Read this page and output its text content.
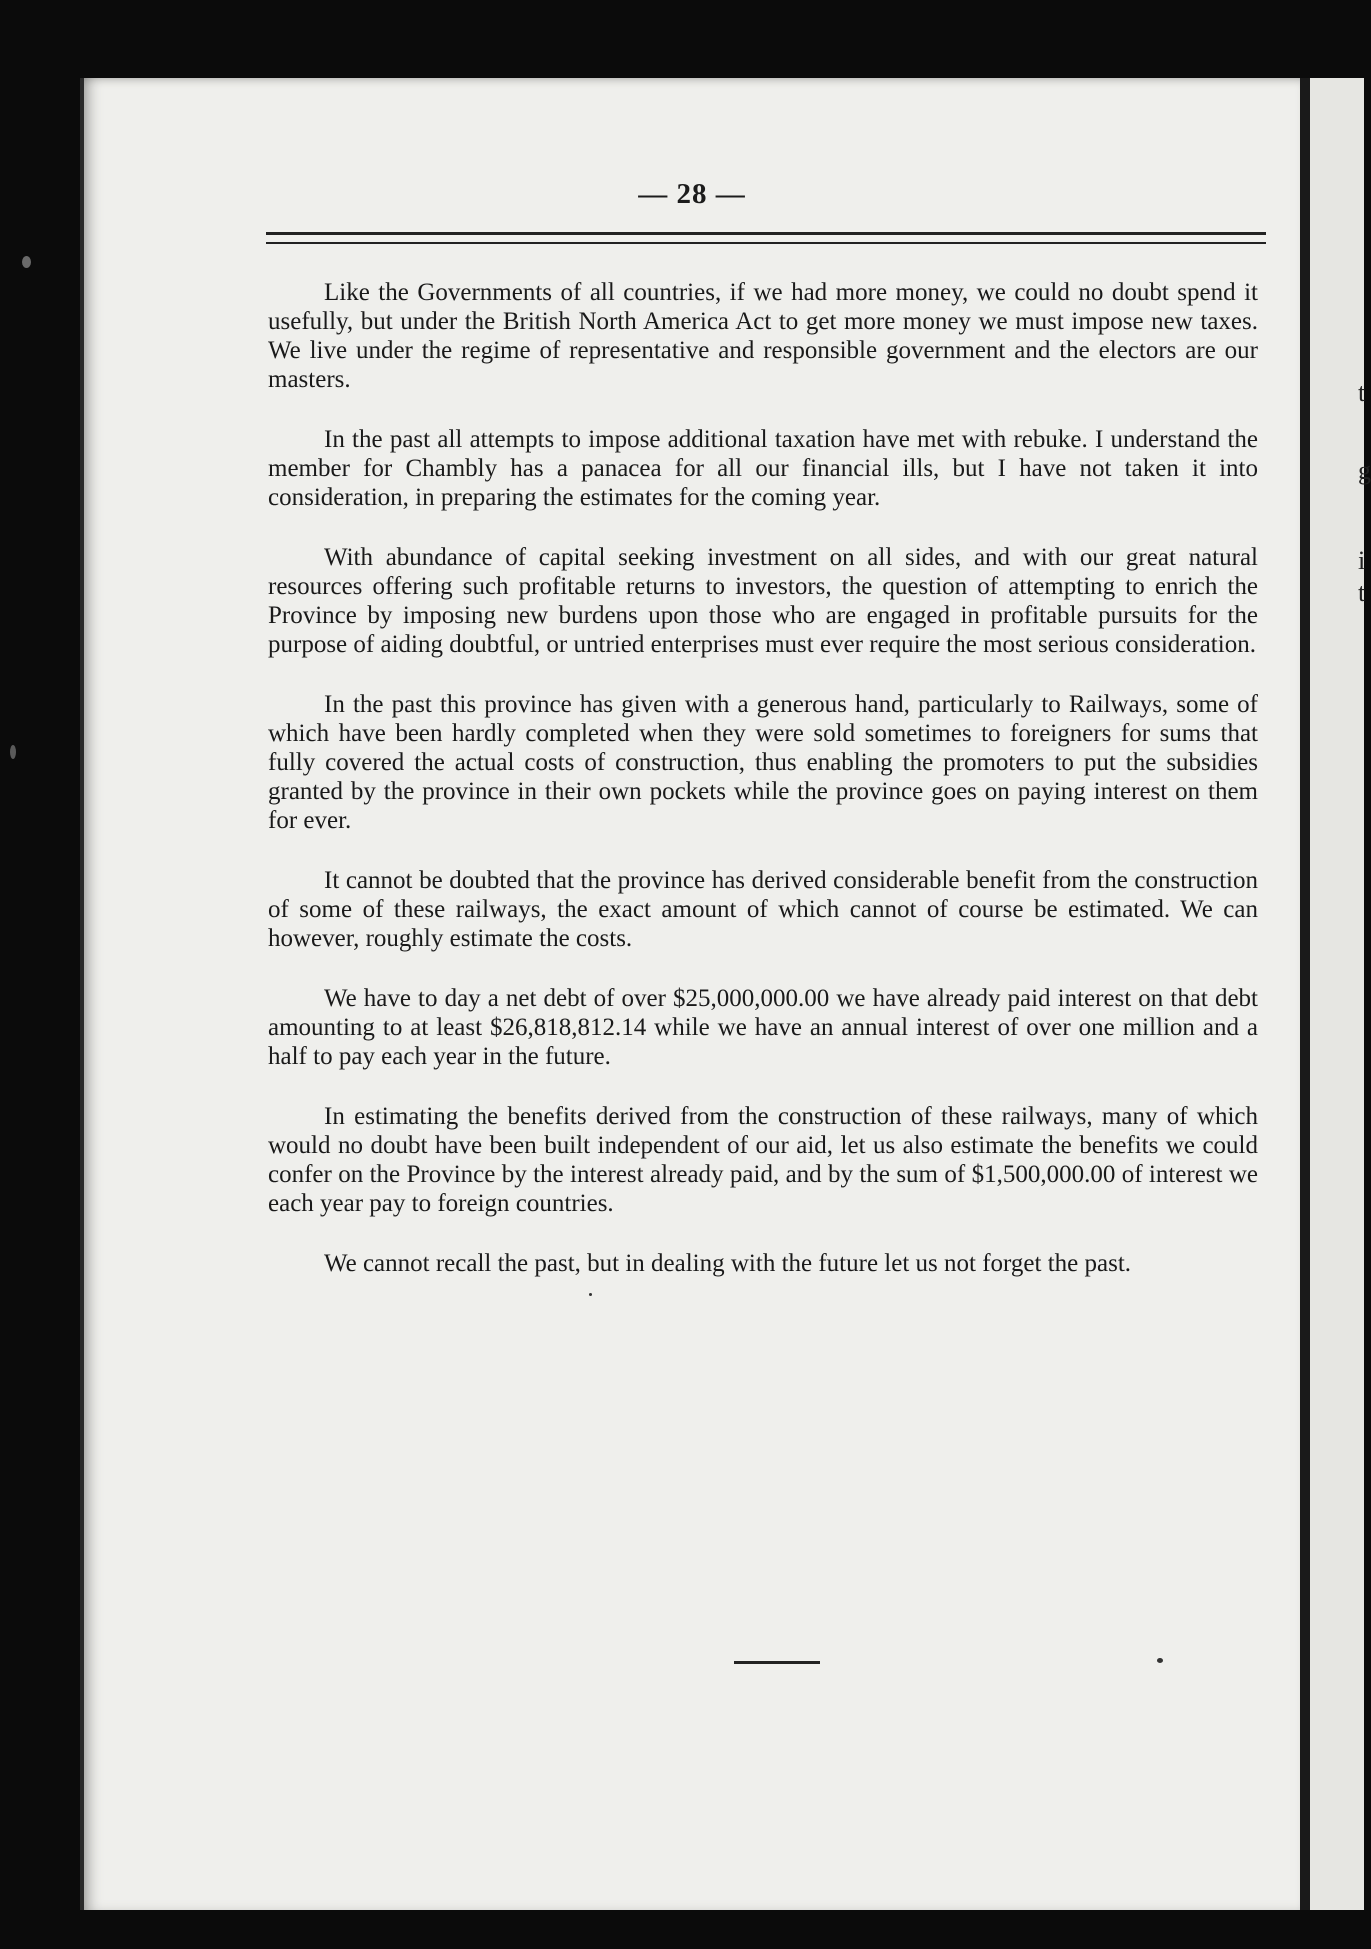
— 28 —

Like the Governments of all countries, if we had more money, we could no doubt spend it usefully, but under the British North America Act to get more money we must impose new taxes. We live under the regime of representative and responsible government and the electors are our masters.

In the past all attempts to impose additional taxation have met with rebuke. I understand the member for Chambly has a panacea for all our financial ills, but I have not taken it into consideration, in preparing the estimates for the coming year.

With abundance of capital seeking investment on all sides, and with our great natural resources offering such profitable returns to investors, the question of attempting to enrich the Province by imposing new burdens upon those who are engaged in profitable pursuits for the purpose of aiding doubtful, or untried enterprises must ever require the most serious consideration.

In the past this province has given with a generous hand, particularly to Railways, some of which have been hardly completed when they were sold sometimes to foreigners for sums that fully covered the actual costs of construction, thus enabling the promoters to put the subsidies granted by the province in their own pockets while the province goes on paying interest on them for ever.

It cannot be doubted that the province has derived considerable benefit from the construction of some of these railways, the exact amount of which cannot of course be estimated. We can however, roughly estimate the costs.

We have to day a net debt of over $25,000,000.00 we have already paid interest on that debt amounting to at least $26,818,812.14 while we have an annual interest of over one million and a half to pay each year in the future.

In estimating the benefits derived from the construction of these railways, many of which would no doubt have been built independent of our aid, let us also estimate the benefits we could confer on the Province by the interest already paid, and by the sum of $1,500,000.00 of interest we each year pay to foreign countries.

We cannot recall the past, but in dealing with the future let us not forget the past.

t
g
i
t
